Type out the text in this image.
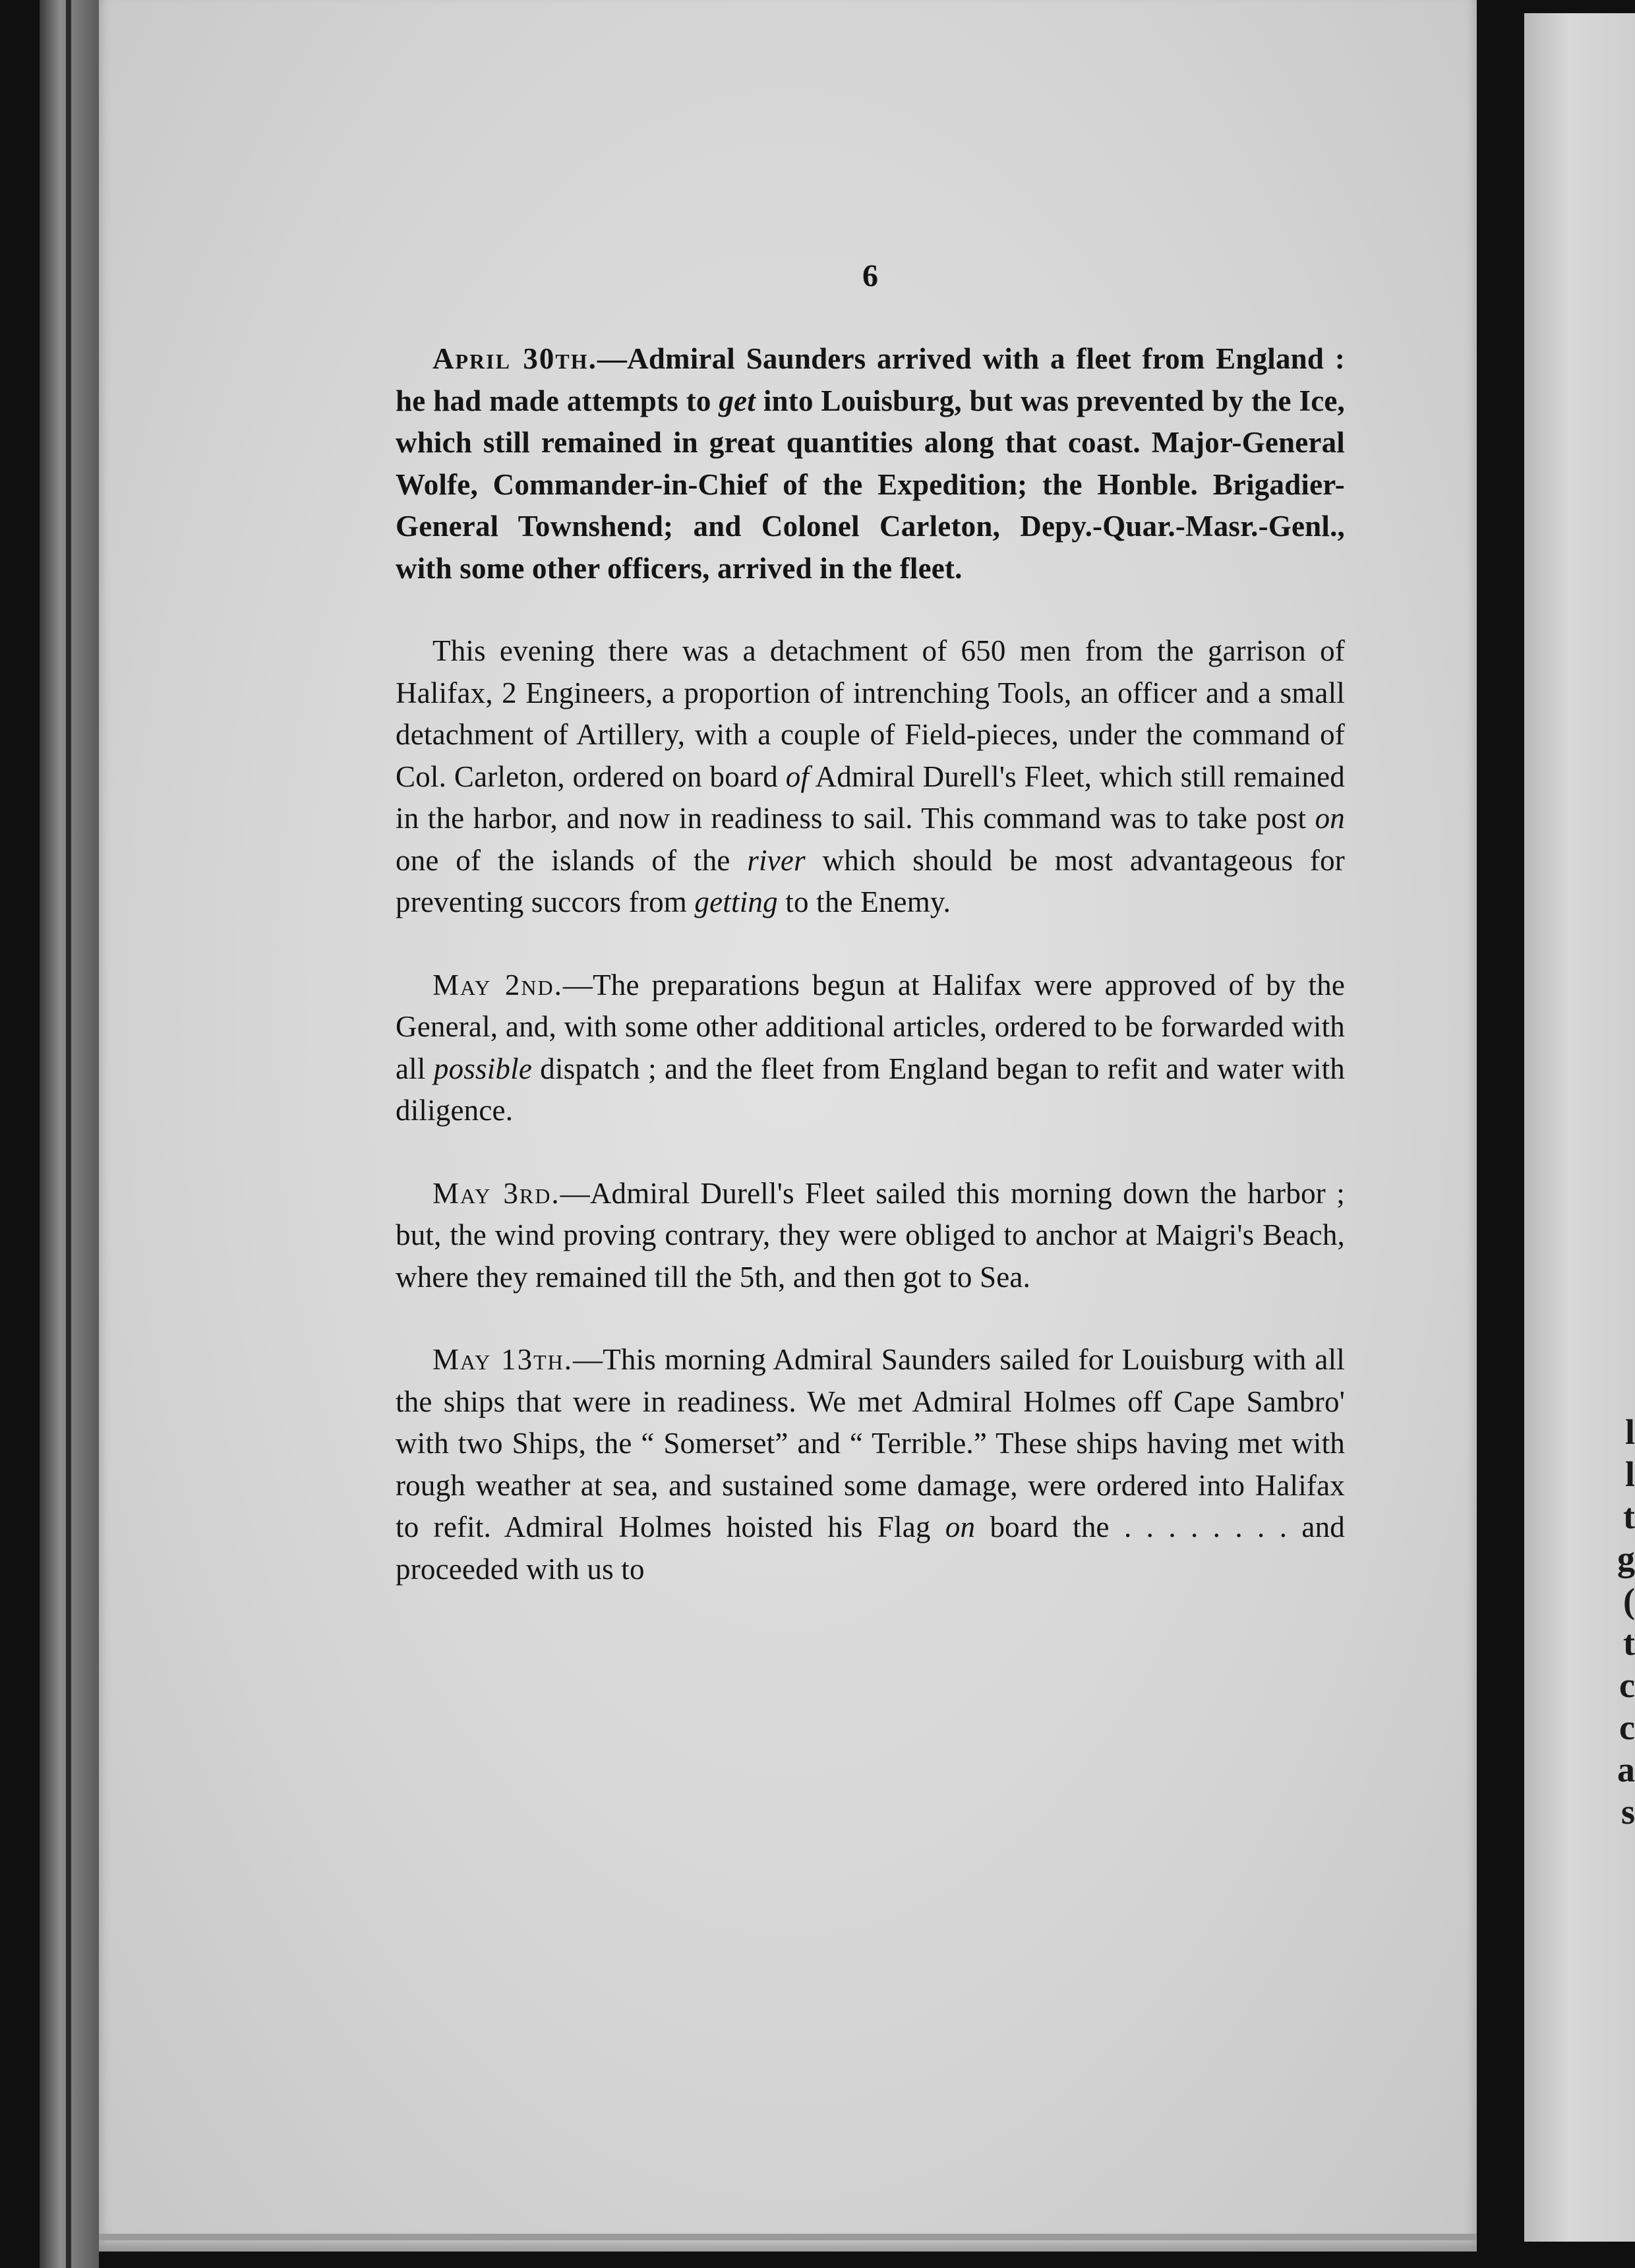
l
l
t
g
(
t
c
c
a
s
6

April 30th.—Admiral Saunders arrived with a fleet from England : he had made attempts to get into Louisburg, but was prevented by the Ice, which still remained in great quantities along that coast. Major-General Wolfe, Commander-in-Chief of the Expedition; the Honble. Brigadier-General Townshend; and Colonel Carleton, Depy.-Quar.-Masr.-Genl., with some other officers, arrived in the fleet.

This evening there was a detachment of 650 men from the garrison of Halifax, 2 Engineers, a proportion of intrenching Tools, an officer and a small detachment of Artillery, with a couple of Field-pieces, under the command of Col. Carleton, ordered on board of Admiral Durell's Fleet, which still remained in the harbor, and now in readiness to sail. This command was to take post on one of the islands of the river which should be most advantageous for preventing succors from getting to the Enemy.

May 2nd.—The preparations begun at Halifax were approved of by the General, and, with some other additional articles, ordered to be forwarded with all possible dispatch ; and the fleet from England began to refit and water with diligence.

May 3rd.—Admiral Durell's Fleet sailed this morning down the harbor ; but, the wind proving contrary, they were obliged to anchor at Maigri's Beach, where they remained till the 5th, and then got to Sea.

May 13th.—This morning Admiral Saunders sailed for Louisburg with all the ships that were in readiness. We met Admiral Holmes off Cape Sambro' with two Ships, the “ Somerset” and “ Terrible.” These ships having met with rough weather at sea, and sustained some damage, were ordered into Halifax to refit. Admiral Holmes hoisted his Flag on board the . . . . . . . . and proceeded with us to
